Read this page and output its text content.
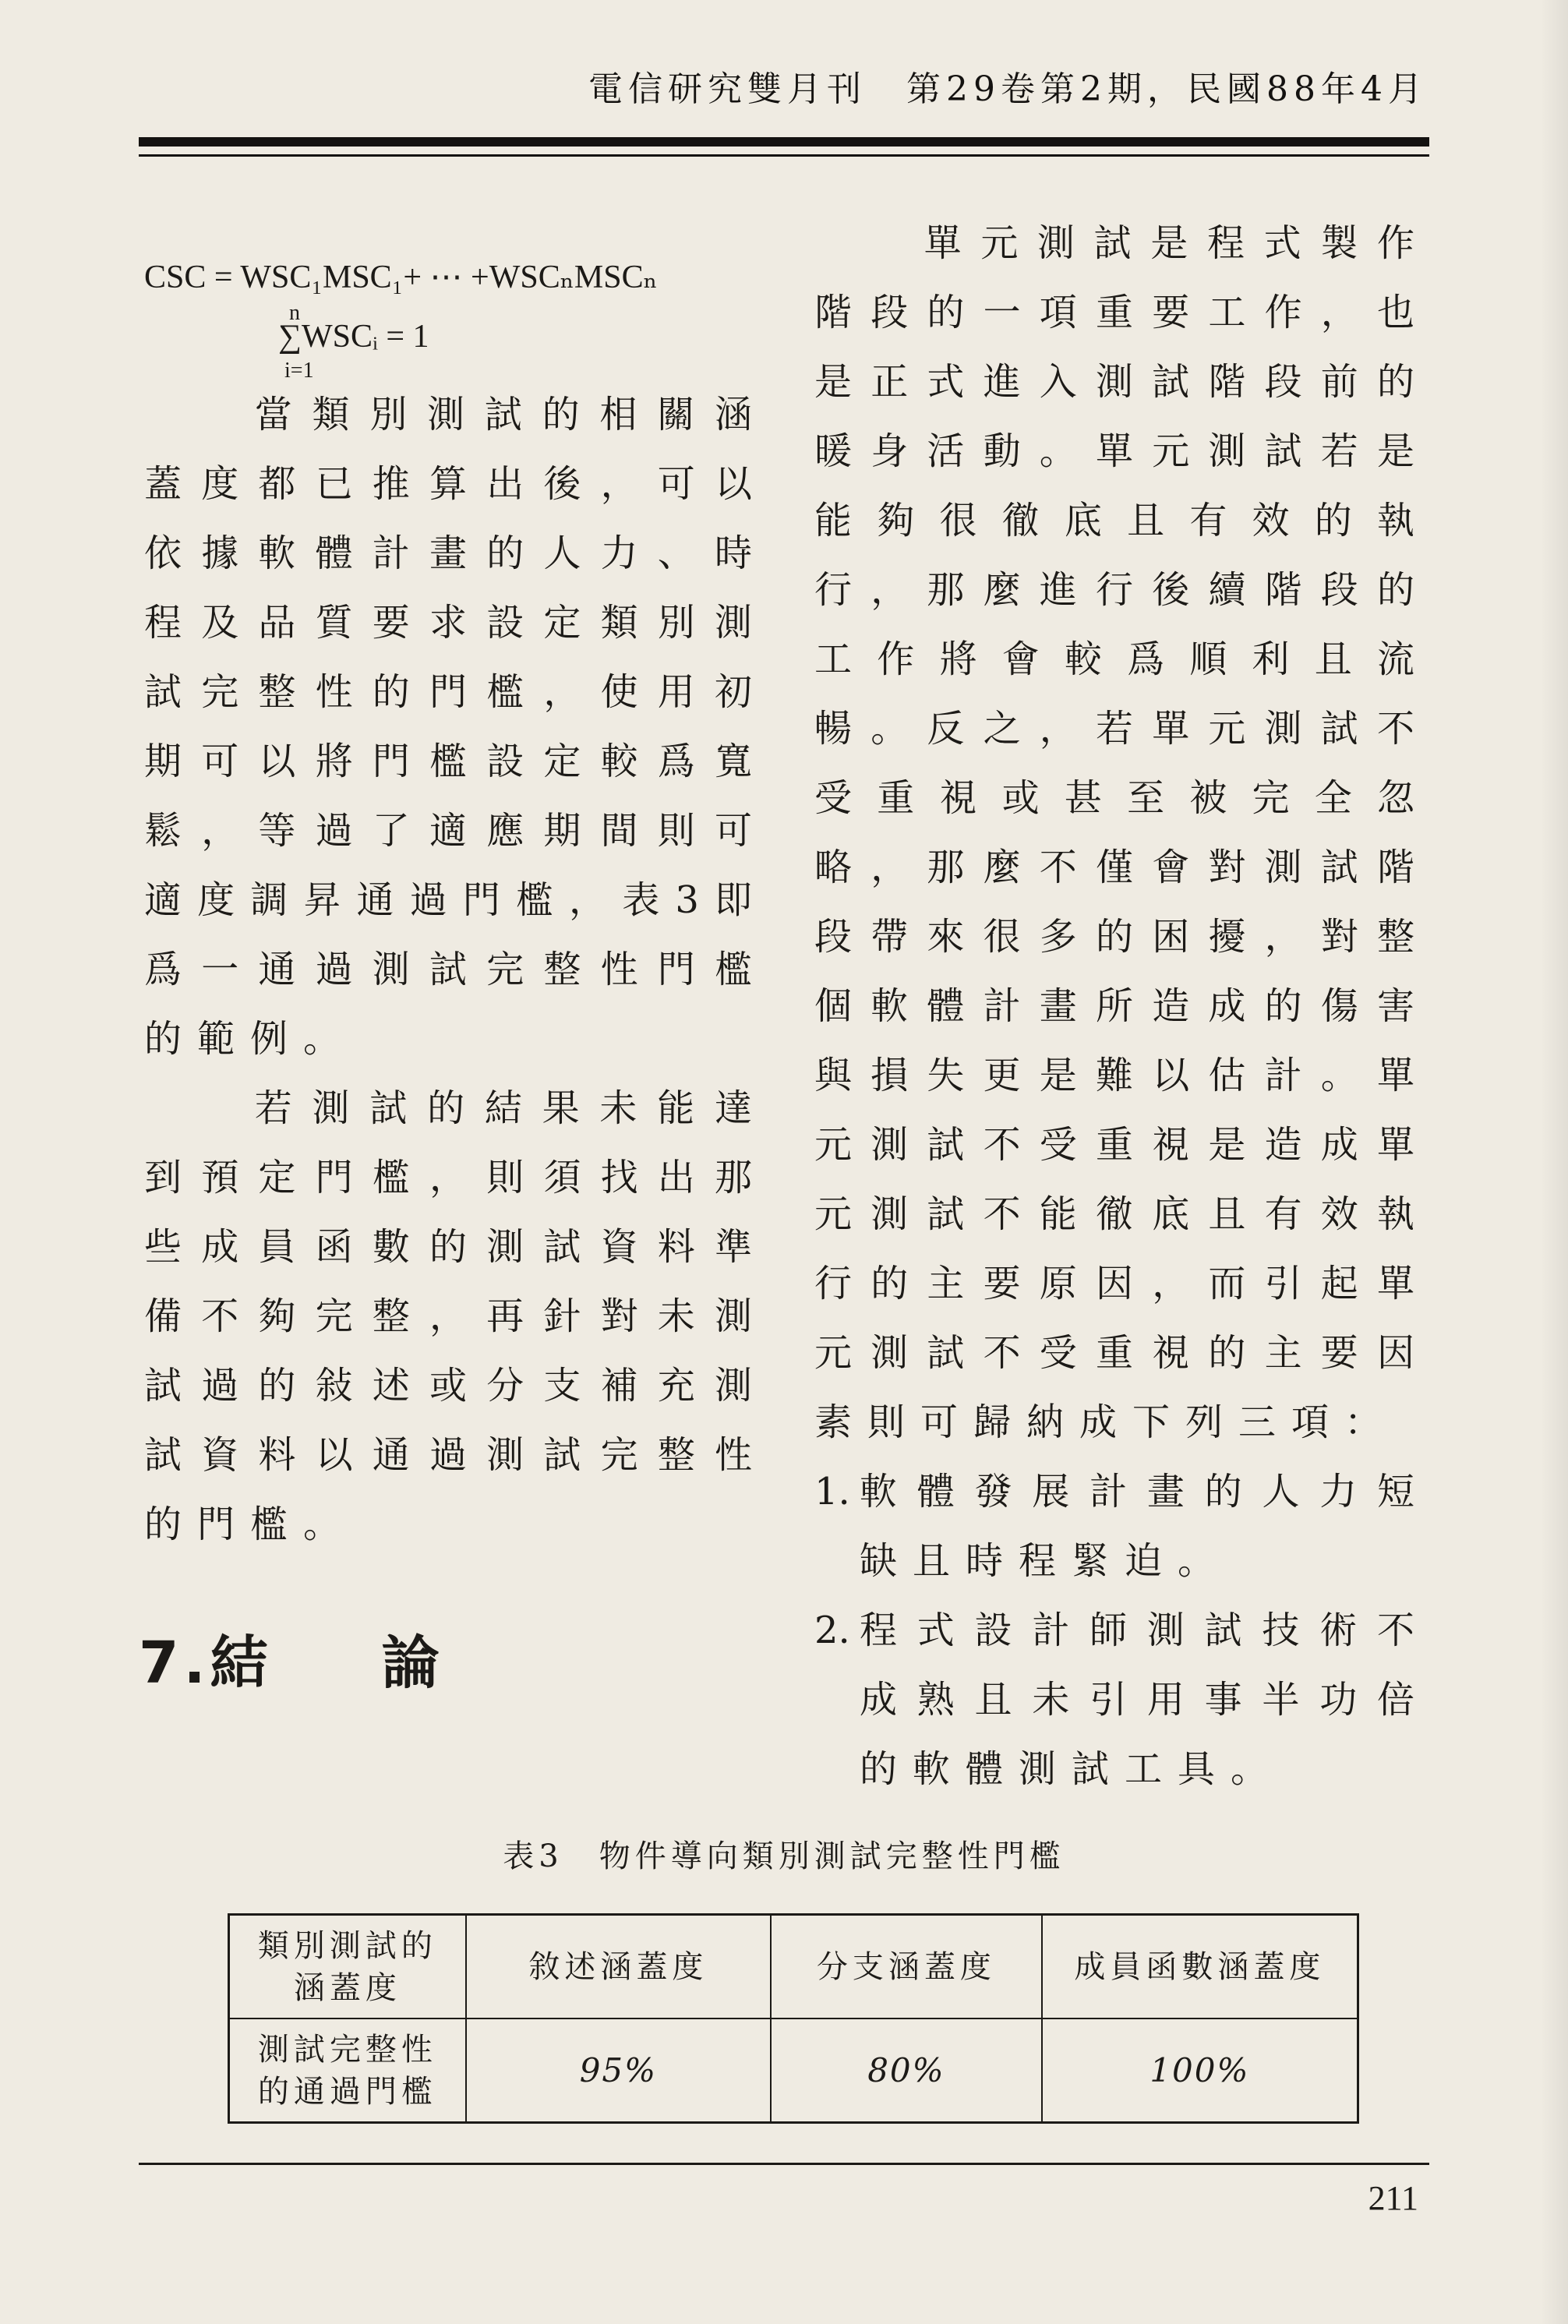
電信研究雙月刊　第29卷第2期，民國88年4月
CSC = WSC₁MSC₁+ ⋯ +WSCₙMSCₙ
n
∑WSCᵢ = 1
i=1

  當類別測試的相關涵蓋度都已推算出後，可以依據軟體計畫的人力、時程及品質要求設定類別測試完整性的門檻，使用初期可以將門檻設定較爲寬鬆，等過了適應期間則可適度調昇通過門檻，表3即爲一通過測試完整性門檻的範例。

  若測試的結果未能達到預定門檻，則須找出那些成員函數的測試資料準備不夠完整，再針對未測試過的敍述或分支補充測試資料以通過測試完整性的門檻。

  單元測試是程式製作階段的一項重要工作，也是正式進入測試階段前的暖身活動。單元測試若是能夠很徹底且有效的執行，那麼進行後續階段的工作將會較爲順利且流暢。反之，若單元測試不受重視或甚至被完全忽略，那麼不僅會對測試階段帶來很多的困擾，對整個軟體計畫所造成的傷害與損失更是難以估計。單元測試不受重視是造成單元測試不能徹底且有效執行的主要原因，而引起單元測試不受重視的主要因素則可歸納成下列三項：

1. 軟體發展計畫的人力短缺且時程緊迫。
2. 程式設計師測試技術不成熟且未引用事半功倍的軟體測試工具。
7.結 論
表3　物件導向類別測試完整性門檻
類別測試的
涵蓋度	敘述涵蓋度	分支涵蓋度	成員函數涵蓋度
測試完整性
的通過門檻	95%	80%	100%
211
